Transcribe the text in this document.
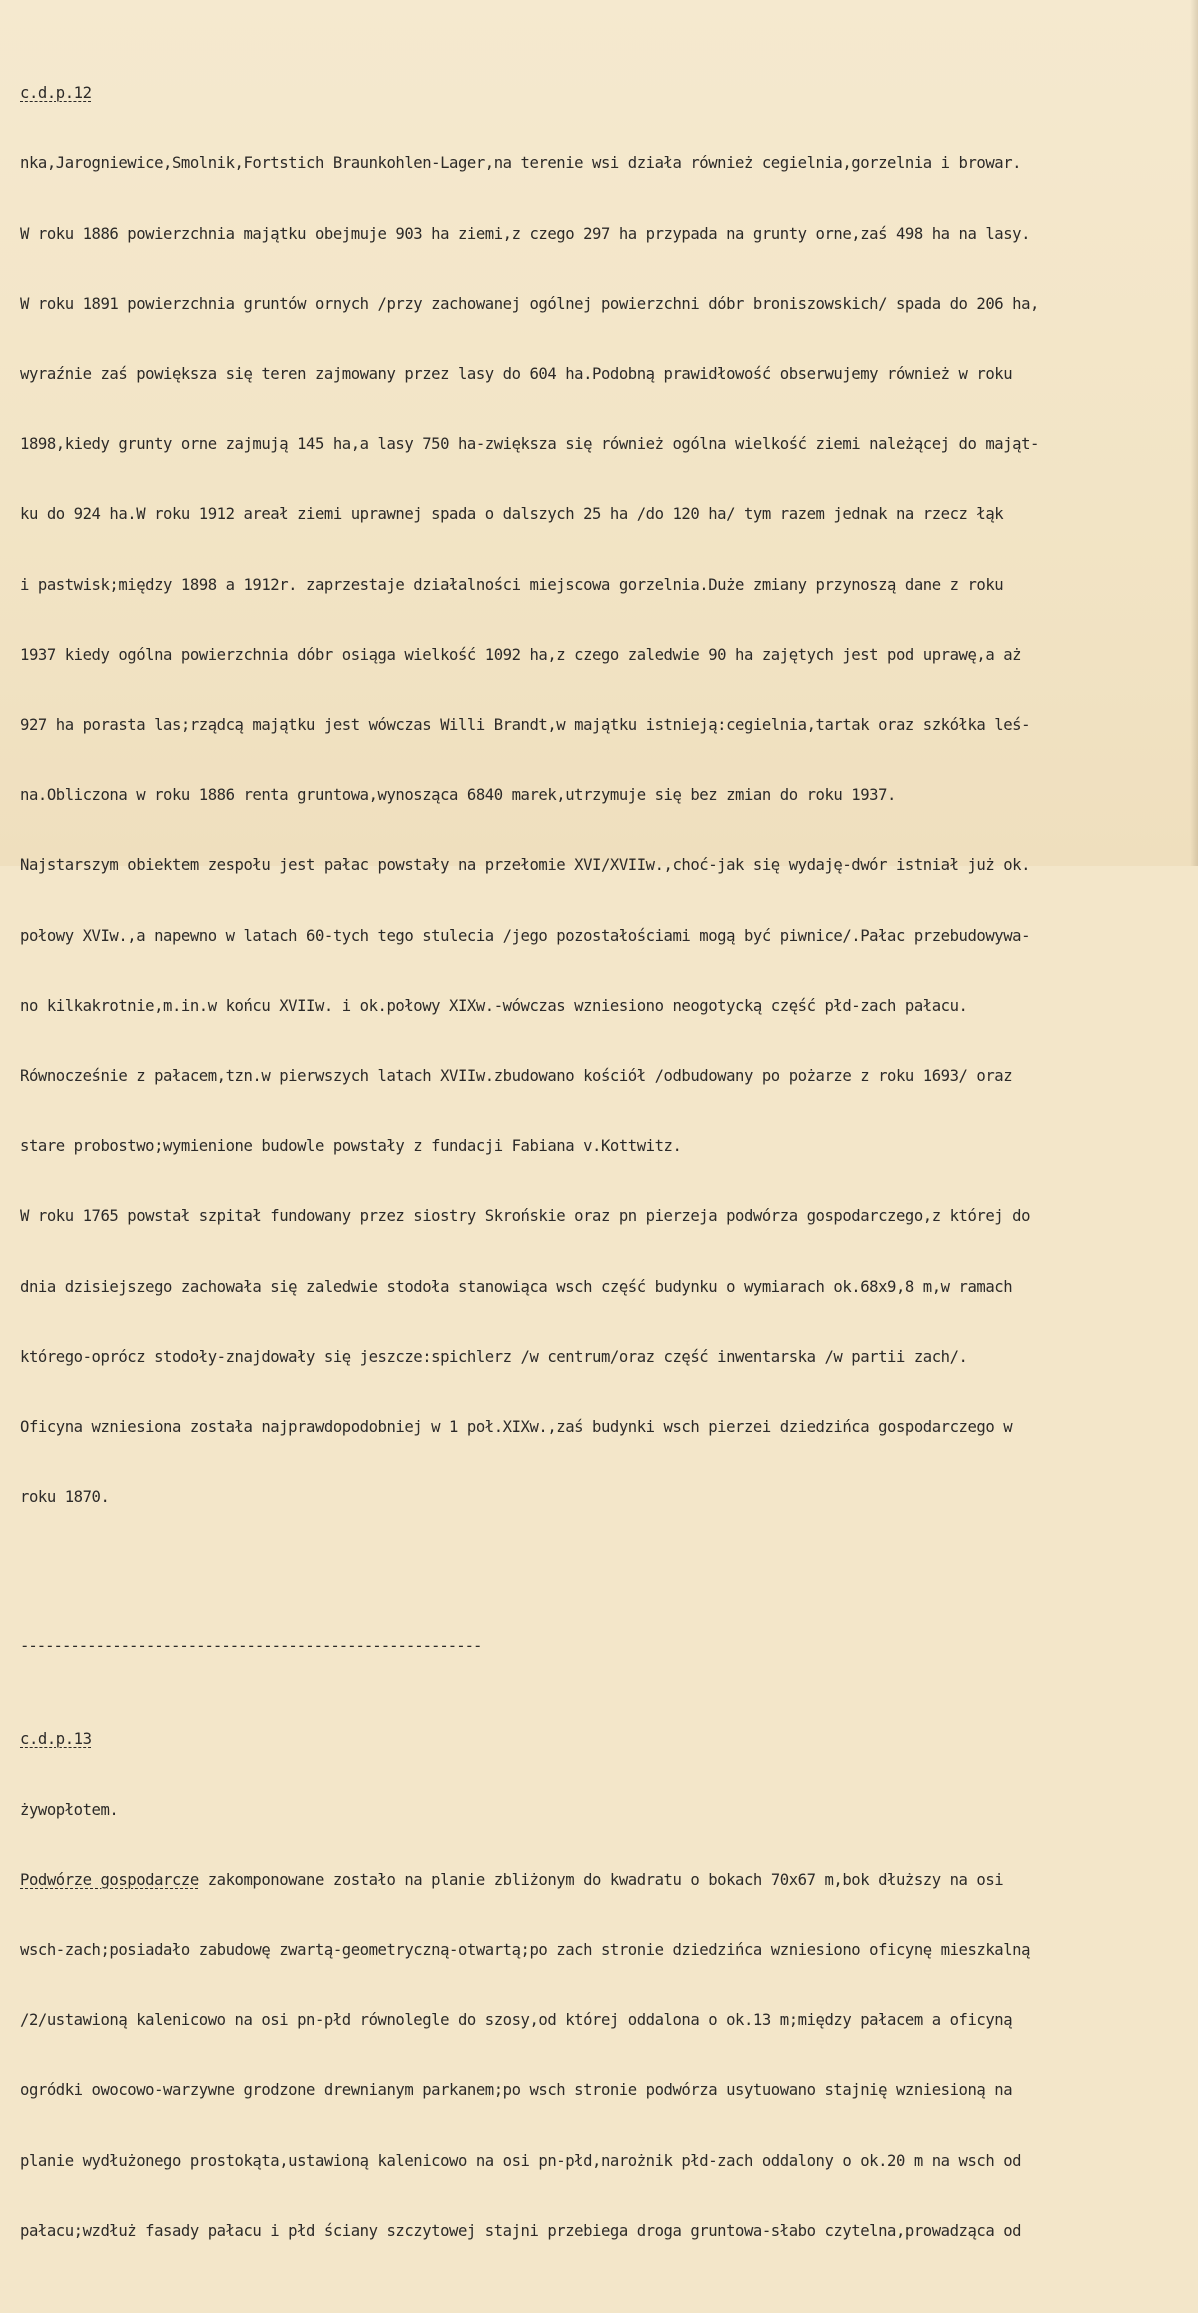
c.d.p.12

nka,Jarogniewice,Smolnik,Fortstich Braunkohlen-Lager,na terenie wsi działa również cegielnia,gorzelnia i browar.

W roku 1886 powierzchnia majątku obejmuje 903 ha ziemi,z czego 297 ha przypada na grunty orne,zaś 498 ha na lasy.

W roku 1891 powierzchnia gruntów ornych /przy zachowanej ogólnej powierzchni dóbr broniszowskich/ spada do 206 ha,

wyraźnie zaś powiększa się teren zajmowany przez lasy do 604 ha.Podobną prawidłowość obserwujemy również w roku

1898,kiedy grunty orne zajmują 145 ha,a lasy 750 ha-zwiększa się również ogólna wielkość ziemi należącej do mająt-

ku do 924 ha.W roku 1912 areał ziemi uprawnej spada o dalszych 25 ha /do 120 ha/ tym razem jednak na rzecz łąk

i pastwisk;między 1898 a 1912r. zaprzestaje działalności miejscowa gorzelnia.Duże zmiany przynoszą dane z roku

1937 kiedy ogólna powierzchnia dóbr osiąga wielkość 1092 ha,z czego zaledwie 90 ha zajętych jest pod uprawę,a aż

927 ha porasta las;rządcą majątku jest wówczas Willi Brandt,w majątku istnieją:cegielnia,tartak oraz szkółka leś-

na.Obliczona w roku 1886 renta gruntowa,wynosząca 6840 marek,utrzymuje się bez zmian do roku 1937.

Najstarszym obiektem zespołu jest pałac powstały na przełomie XVI/XVIIw.,choć-jak się wydaję-dwór istniał już ok.

połowy XVIw.,a napewno w latach 60-tych tego stulecia /jego pozostałościami mogą być piwnice/.Pałac przebudowywa-

no kilkakrotnie,m.in.w końcu XVIIw. i ok.połowy XIXw.-wówczas wzniesiono neogotycką część płd-zach pałacu.

Równocześnie z pałacem,tzn.w pierwszych latach XVIIw.zbudowano kościół /odbudowany po pożarze z roku 1693/ oraz

stare probostwo;wymienione budowle powstały z fundacji Fabiana v.Kottwitz.

W roku 1765 powstał szpitał fundowany przez siostry Skrońskie oraz pn pierzeja podwórza gospodarczego,z której do

dnia dzisiejszego zachowała się zaledwie stodoła stanowiąca wsch część budynku o wymiarach ok.68x9,8 m,w ramach

którego-oprócz stodoły-znajdowały się jeszcze:spichlerz /w centrum/oraz część inwentarska /w partii zach/.

Oficyna wzniesiona została najprawdopodobniej w 1 poł.XIXw.,zaś budynki wsch pierzei dziedzińca gospodarczego w

roku 1870.

-------------------------------------------------------

c.d.p.13

żywopłotem.

Podwórze gospodarcze zakomponowane zostało na planie zbliżonym do kwadratu o bokach 70x67 m,bok dłuższy na osi

wsch-zach;posiadało zabudowę zwartą-geometryczną-otwartą;po zach stronie dziedzińca wzniesiono oficynę mieszkalną

/2/ustawioną kalenicowo na osi pn-płd równolegle do szosy,od której oddalona o ok.13 m;między pałacem a oficyną

ogródki owocowo-warzywne grodzone drewnianym parkanem;po wsch stronie podwórza usytuowano stajnię wzniesioną na

planie wydłużonego prostokąta,ustawioną kalenicowo na osi pn-płd,narożnik płd-zach oddalony o ok.20 m na wsch od

pałacu;wzdłuż fasady pałacu i płd ściany szczytowej stajni przebiega droga gruntowa-słabo czytelna,prowadząca od
